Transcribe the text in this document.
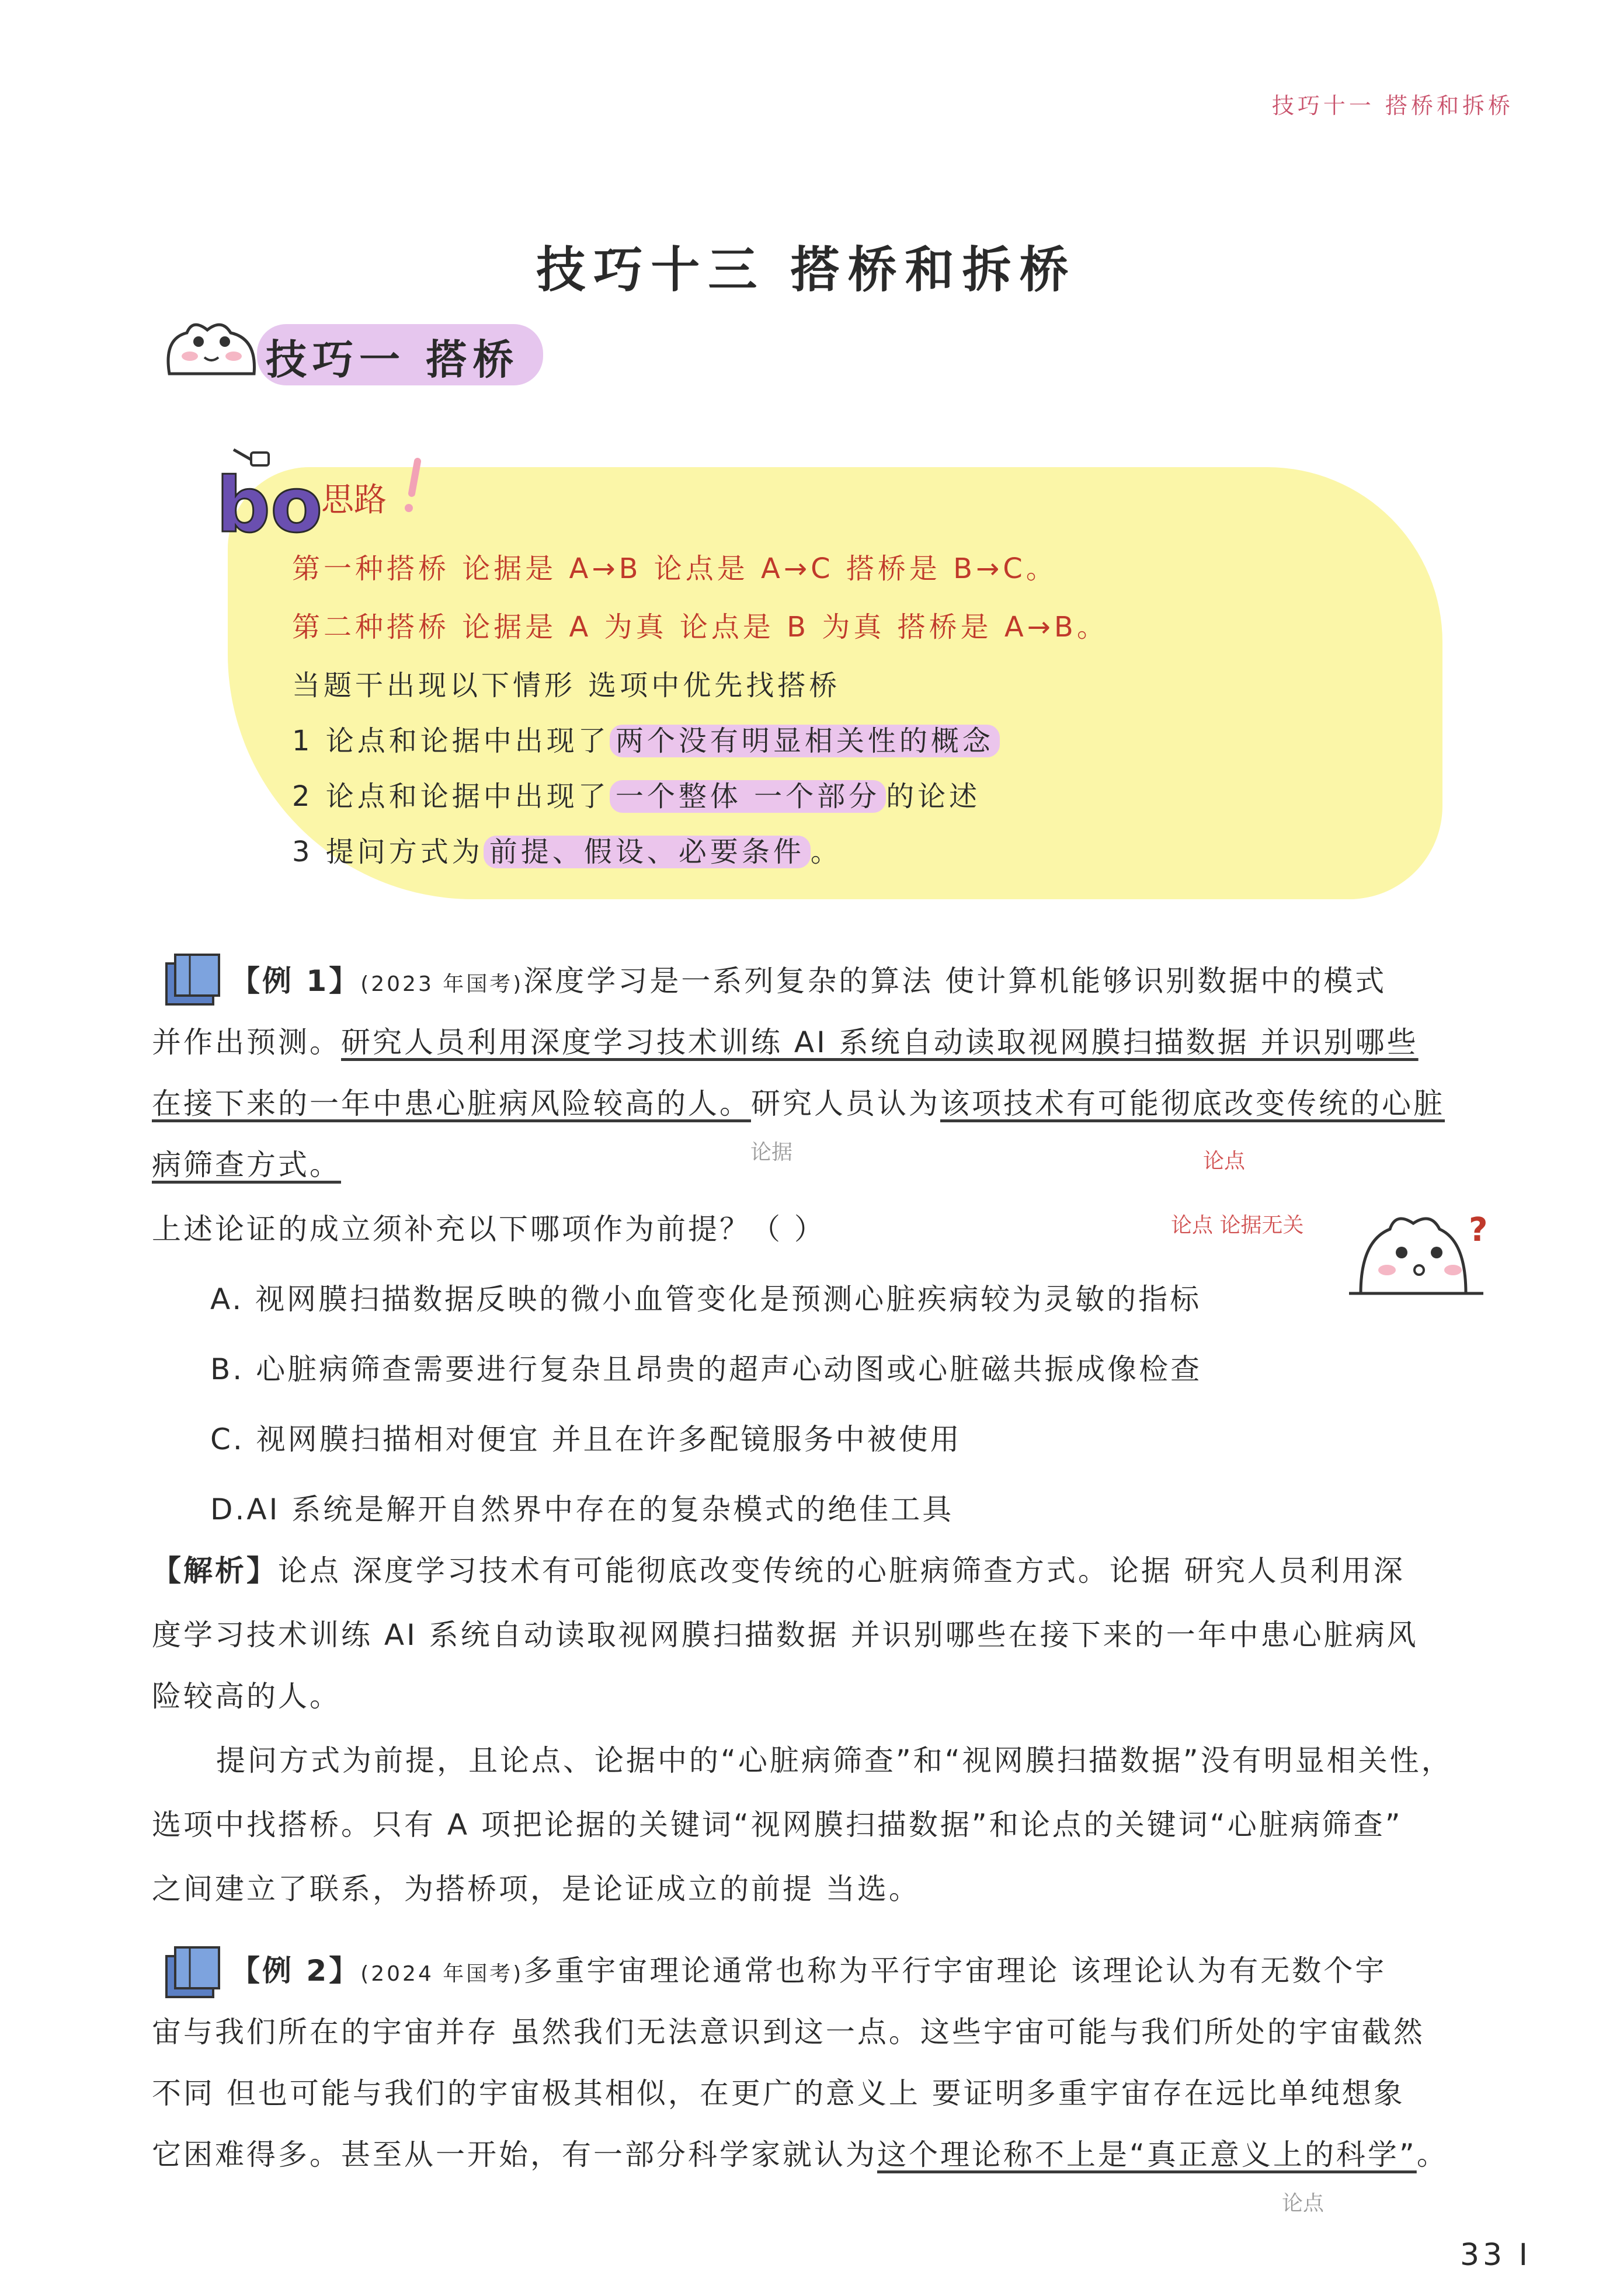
技巧十一 搭桥和拆桥
技巧十三 搭桥和拆桥
技巧一 搭桥
bo
思路
第一种搭桥 论据是 A→B 论点是 A→C 搭桥是 B→C。
第二种搭桥 论据是 A 为真 论点是 B 为真 搭桥是 A→B。
当题干出现以下情形 选项中优先找搭桥
1 论点和论据中出现了 两个没有明显相关性的概念
2 论点和论据中出现了 一个整体 一个部分 的论述
3 提问方式为 前提、假设、必要条件 。
【例 1】(2023 年国考)深度学习是一系列复杂的算法 使计算机能够识别数据中的模式
并作出预测。研究人员利用深度学习技术训练 AI 系统自动读取视网膜扫描数据 并识别哪些
在接下来的一年中患心脏病风险较高的人。研究人员认为该项技术有可能彻底改变传统的心脏
病筛查方式。	论据	论点
上述论证的成立须补充以下哪项作为前提？（ ）	论点 论据无关	?
A. 视网膜扫描数据反映的微小血管变化是预测心脏疾病较为灵敏的指标
B. 心脏病筛查需要进行复杂且昂贵的超声心动图或心脏磁共振成像检查
C. 视网膜扫描相对便宜 并且在许多配镜服务中被使用
D.AI 系统是解开自然界中存在的复杂模式的绝佳工具
【解析】论点 深度学习技术有可能彻底改变传统的心脏病筛查方式。论据 研究人员利用深
度学习技术训练 AI 系统自动读取视网膜扫描数据 并识别哪些在接下来的一年中患心脏病风
险较高的人。
提问方式为前提，且论点、论据中的“心脏病筛查”和“视网膜扫描数据”没有明显相关性，
选项中找搭桥。只有 A 项把论据的关键词“视网膜扫描数据”和论点的关键词“心脏病筛查”
之间建立了联系，为搭桥项，是论证成立的前提 当选。
【例 2】(2024 年国考)多重宇宙理论通常也称为平行宇宙理论 该理论认为有无数个宇
宙与我们所在的宇宙并存 虽然我们无法意识到这一点。这些宇宙可能与我们所处的宇宙截然
不同 但也可能与我们的宇宙极其相似，在更广的意义上 要证明多重宇宙存在远比单纯想象
它困难得多。甚至从一开始，有一部分科学家就认为这个理论称不上是“真正意义上的科学”。
论点
33 I
